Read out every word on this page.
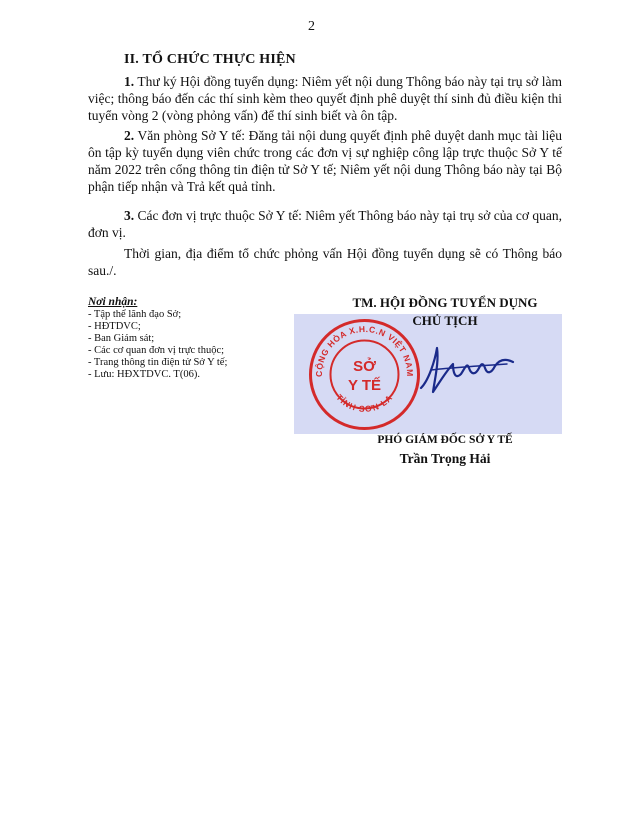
2
II. TỔ CHỨC THỰC HIỆN

1. Thư ký Hội đồng tuyển dụng: Niêm yết nội dung Thông báo này tại trụ sở làm việc; thông báo đến các thí sinh kèm theo quyết định phê duyệt thí sinh đủ điều kiện thi tuyển vòng 2 (vòng phỏng vấn) để thí sinh biết và ôn tập.

2. Văn phòng Sở Y tế: Đăng tải nội dung quyết định phê duyệt danh mục tài liệu ôn tập kỳ tuyển dụng viên chức trong các đơn vị sự nghiệp công lập trực thuộc Sở Y tế năm 2022 trên cổng thông tin điện tử Sở Y tế; Niêm yết nội dung Thông báo này tại Bộ phận tiếp nhận và Trả kết quả tỉnh.

3. Các đơn vị trực thuộc Sở Y tế: Niêm yết Thông báo này tại trụ sở của cơ quan, đơn vị.

Thời gian, địa điểm tổ chức phỏng vấn Hội đồng tuyển dụng sẽ có Thông báo sau./.

Nơi nhận:
- Tập thể lãnh đạo Sở;
- HĐTDVC;
- Ban Giám sát;
- Các cơ quan đơn vị trực thuộc;
- Trang thông tin điện tử Sở Y tế;
- Lưu: HĐXTDVC. T(06).
TM. HỘI ĐỒNG TUYỂN DỤNG
CHỦ TỊCH
CỘNG HÒA X.H.C.N VIỆT NAM
TỈNH SƠN LA
SỞ
Y TẾ
PHÓ GIÁM ĐỐC SỞ Y TẾ
Trần Trọng Hải
